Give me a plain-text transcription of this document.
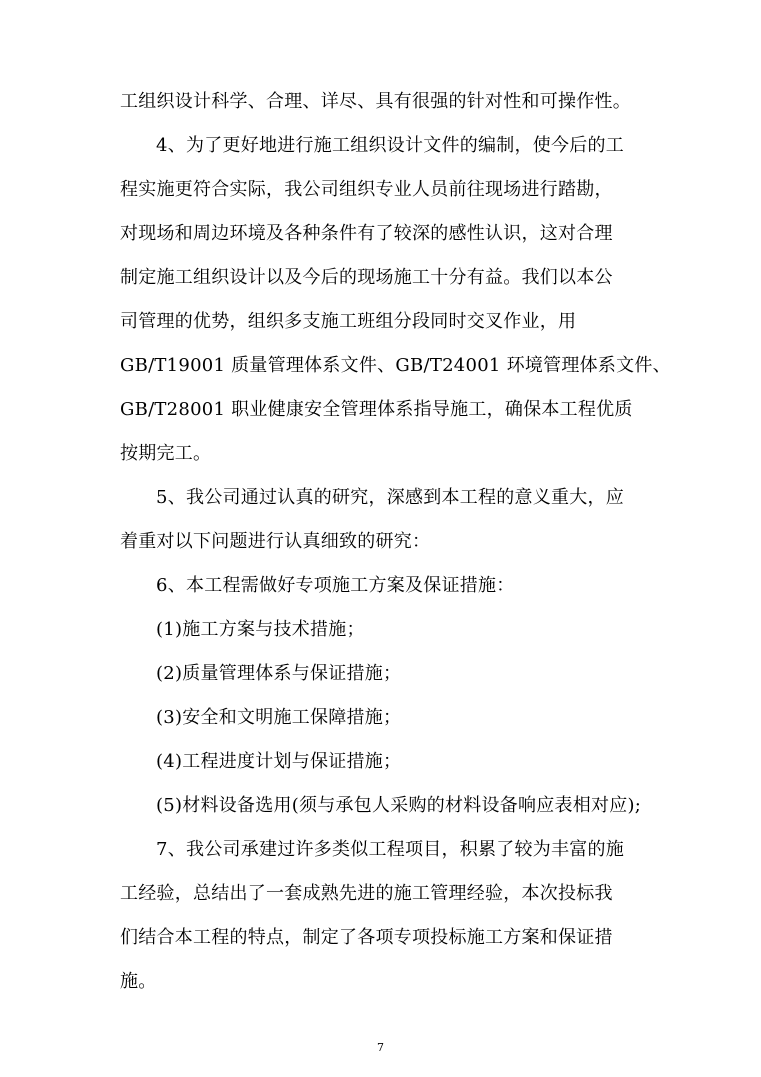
工组织设计科学、合理、详尽、具有很强的针对性和可操作性。
4、为了更好地进行施工组织设计文件的编制，使今后的工
程实施更符合实际，我公司组织专业人员前往现场进行踏勘，
对现场和周边环境及各种条件有了较深的感性认识，这对合理
制定施工组织设计以及今后的现场施工十分有益。我们以本公
司管理的优势，组织多支施工班组分段同时交叉作业，用
GB/T19001 质量管理体系文件、GB/T24001 环境管理体系文件、
GB/T28001 职业健康安全管理体系指导施工，确保本工程优质
按期完工。
5、我公司通过认真的研究，深感到本工程的意义重大，应
着重对以下问题进行认真细致的研究：
6、本工程需做好专项施工方案及保证措施：
(1)施工方案与技术措施；
(2)质量管理体系与保证措施；
(3)安全和文明施工保障措施；
(4)工程进度计划与保证措施；
(5)材料设备选用(须与承包人采购的材料设备响应表相对应);
7、我公司承建过许多类似工程项目，积累了较为丰富的施
工经验，总结出了一套成熟先进的施工管理经验，本次投标我
们结合本工程的特点，制定了各项专项投标施工方案和保证措
施。
7
